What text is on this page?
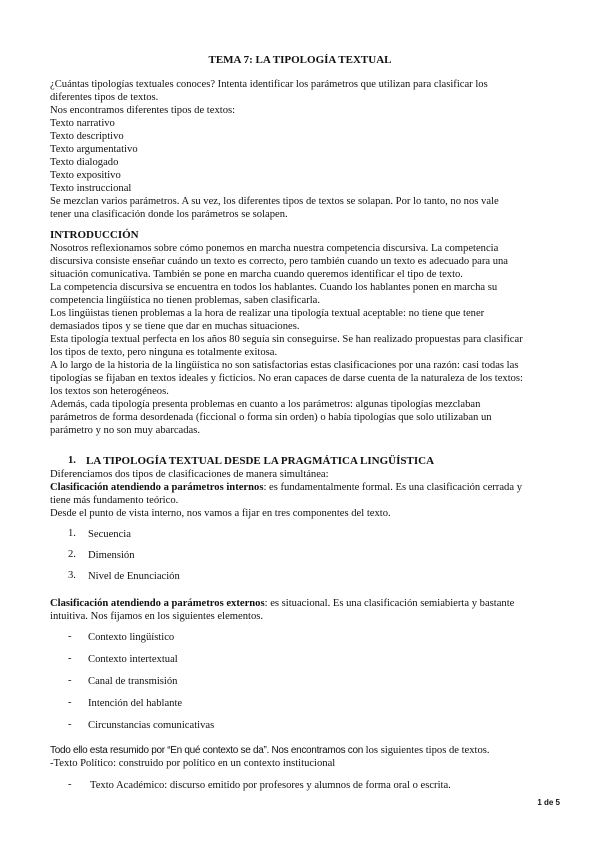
TEMA 7: LA TIPOLOGÍA TEXTUAL
¿Cuántas tipologías textuales conoces? Intenta identificar los parámetros que utilizan para clasificar los
diferentes tipos de textos.
Nos encontramos diferentes tipos de textos:
Texto narrativo
Texto descriptivo
Texto argumentativo
Texto dialogado
Texto expositivo
Texto instruccional
Se mezclan varios parámetros. A su vez, los diferentes tipos de textos se solapan. Por lo tanto, no nos vale
tener una clasificación donde los parámetros se solapen.
INTRODUCCIÓN
Nosotros reflexionamos sobre cómo ponemos en marcha nuestra competencia discursiva. La competencia
discursiva consiste enseñar cuándo un texto es correcto, pero también cuando un texto es adecuado para una
situación comunicativa. También se pone en marcha cuando queremos identificar el tipo de texto.
La competencia discursiva se encuentra en todos los hablantes. Cuando los hablantes ponen en marcha su
competencia lingüística no tienen problemas, saben clasificarla.
Los lingüistas tienen problemas a la hora de realizar una tipología textual aceptable: no tiene que tener
demasiados tipos y se tiene que dar en muchas situaciones.
Esta tipología textual perfecta en los años 80 seguía sin conseguirse. Se han realizado propuestas para clasificar
los tipos de texto, pero ninguna es totalmente exitosa.
A lo largo de la historia de la lingüística no son satisfactorias estas clasificaciones por una razón: casi todas las
tipologías se fijaban en textos ideales y ficticios. No eran capaces de darse cuenta de la naturaleza de los textos:
los textos son heterogéneos.
Además, cada tipología presenta problemas en cuanto a los parámetros: algunas tipologías mezclaban
parámetros de forma desordenada (ficcional o forma sin orden) o había tipologías que solo utilizaban un
parámetro y no son muy abarcadas.
1. LA TIPOLOGÍA TEXTUAL DESDE LA PRAGMÁTICA LINGÜÍSTICA
Diferenciamos dos tipos de clasificaciones de manera simultánea:
Clasificación atendiendo a parámetros internos: es fundamentalmente formal. Es una clasificación cerrada y
tiene más fundamento teórico.
Desde el punto de vista interno, nos vamos a fijar en tres componentes del texto.
1. Secuencia
2. Dimensión
3. Nivel de Enunciación
Clasificación atendiendo a parámetros externos: es situacional. Es una clasificación semiabierta y bastante
intuitiva. Nos fijamos en los siguientes elementos.
- Contexto lingüístico
- Contexto intertextual
- Canal de transmisión
- Intención del hablante
- Circunstancias comunicativas
Todo ello esta resumido por “En qué contexto se da”. Nos encontramos con los siguientes tipos de textos.
-Texto Político: construido por político en un contexto institucional
- Texto Académico: discurso emitido por profesores y alumnos de forma oral o escrita.
1 de 5
